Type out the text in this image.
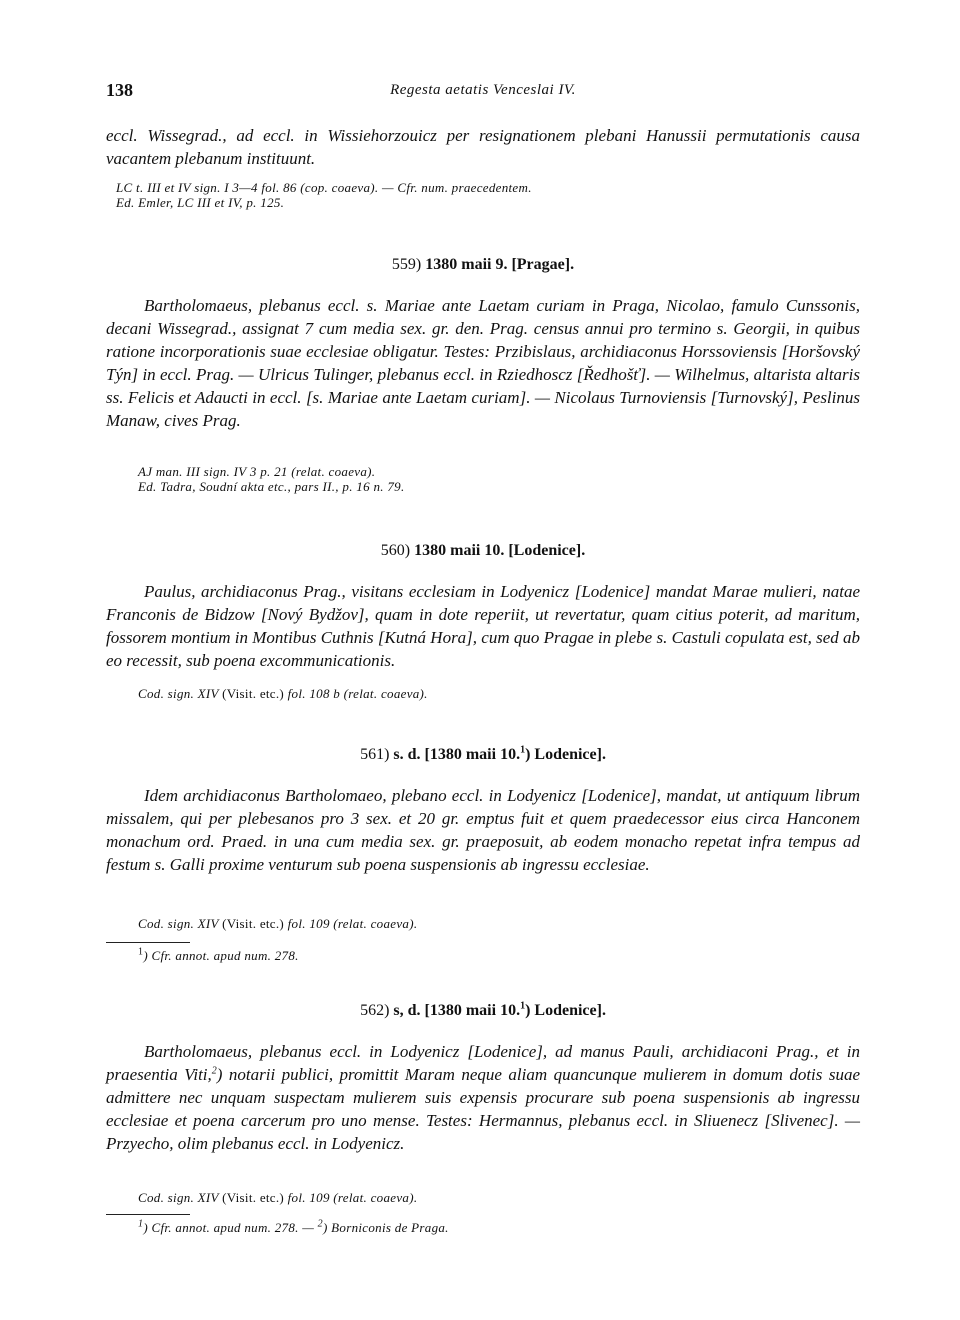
138	Regesta aetatis Venceslai IV.

eccl. Wissegrad., ad eccl. in Wissiehorzouicz per resignationem plebani Hanussii permutationis causa vacantem plebanum instituunt.

LC t. III et IV sign. I 3—4 fol. 86 (cop. coaeva). — Cfr. num. praecedentem.

Ed. Emler, LC III et IV, p. 125.

559) 1380 maii 9. [Pragae].

Bartholomaeus, plebanus eccl. s. Mariae ante Laetam curiam in Praga, Nicolao, famulo Cunssonis, decani Wissegrad., assignat 7 cum media sex. gr. den. Prag. census annui pro termino s. Georgii, in quibus ratione incorporationis suae ecclesiae obligatur. Testes: Przibislaus, archidiaconus Horssoviensis [Horšovský Týn] in eccl. Prag. — Ulricus Tulinger, plebanus eccl. in Rziedhoscz [Ředhošť]. — Wilhelmus, altarista altaris ss. Felicis et Adaucti in eccl. [s. Mariae ante Laetam curiam]. — Nicolaus Turnoviensis [Turnovský], Peslinus Manaw, cives Prag.

AJ man. III sign. IV 3 p. 21 (relat. coaeva).

Ed. Tadra, Soudní akta etc., pars II., p. 16 n. 79.

560) 1380 maii 10. [Lodenice].

Paulus, archidiaconus Prag., visitans ecclesiam in Lodyenicz [Lodenice] mandat Marae mulieri, natae Franconis de Bidzow [Nový Bydžov], quam in dote reperiit, ut revertatur, quam citius poterit, ad maritum, fossorem montium in Montibus Cuthnis [Kutná Hora], cum quo Pragae in plebe s. Castuli copulata est, sed ab eo recessit, sub poena excommunicationis.

Cod. sign. XIV (Visit. etc.) fol. 108 b (relat. coaeva).

561) s. d. [1380 maii 10.$^1$) Lodenice].

Idem archidiaconus Bartholomaeo, plebano eccl. in Lodyenicz [Lodenice], mandat, ut antiquum librum missalem, qui per plebesanos pro 3 sex. et 20 gr. emptus fuit et quem praedecessor eius circa Hanconem monachum ord. Praed. in una cum media sex. gr. praeposuit, ab eodem monacho repetat infra tempus ad festum s. Galli proxime venturum sub poena suspensionis ab ingressu ecclesiae.

Cod. sign. XIV (Visit. etc.) fol. 109 (relat. coaeva).

$^1$) Cfr. annot. apud num. 278.
562) s, d. [1380 maii 10.$^1$) Lodenice].

Bartholomaeus, plebanus eccl. in Lodyenicz [Lodenice], ad manus Pauli, archidiaconi Prag., et in praesentia Viti,$^2$) notarii publici, promittit Maram neque aliam quancunque mulierem in domum dotis suae admittere nec unquam suspectam mulierem suis expensis procurare sub poena suspensionis ab ingressu ecclesiae et poena carcerum pro uno mense. Testes: Hermannus, plebanus eccl. in Sliuenecz [Slivenec]. — Przyecho, olim plebanus eccl. in Lodyenicz.

Cod. sign. XIV (Visit. etc.) fol. 109 (relat. coaeva).

$^1$) Cfr. annot. apud num. 278. — $^2$) Borniconis de Praga.
